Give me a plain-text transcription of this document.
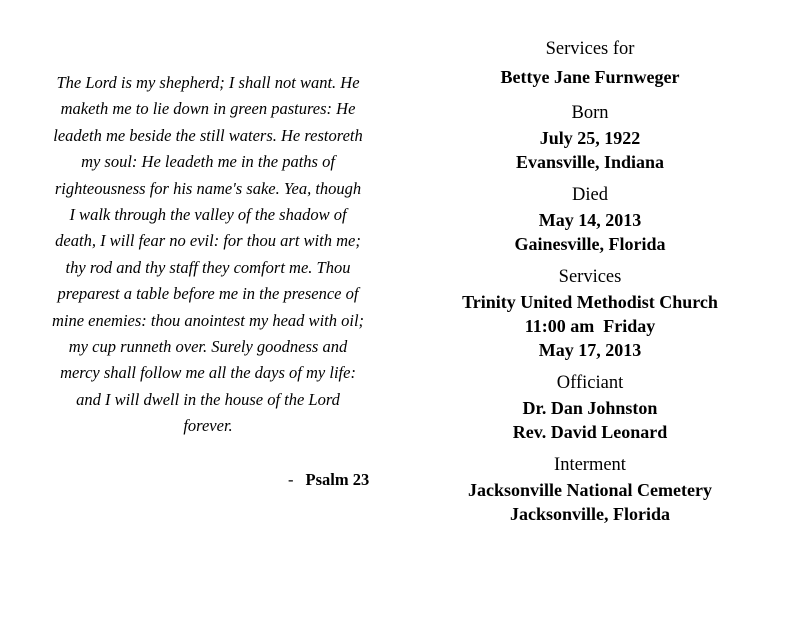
The Lord is my shepherd; I shall not want. He

maketh me to lie down in green pastures: He

leadeth me beside the still waters. He restoreth

my soul: He leadeth me in the paths of

righteousness for his name's sake. Yea, though

I walk through the valley of the shadow of

death, I will fear no evil: for thou art with me;

thy rod and thy staff they comfort me. Thou

preparest a table before me in the presence of

mine enemies: thou anointest my head with oil;

my cup runneth over. Surely goodness and

mercy shall follow me all the days of my life:

and I will dwell in the house of the Lord

forever.

- Psalm 23
Services for
Bettye Jane Furnweger
Born
July 25, 1922
Evansville, Indiana
Died
May 14, 2013
Gainesville, Florida
Services
Trinity United Methodist Church
11:00 am  Friday
May 17, 2013
Officiant
Dr. Dan Johnston
Rev. David Leonard
Interment
Jacksonville National Cemetery
Jacksonville, Florida
